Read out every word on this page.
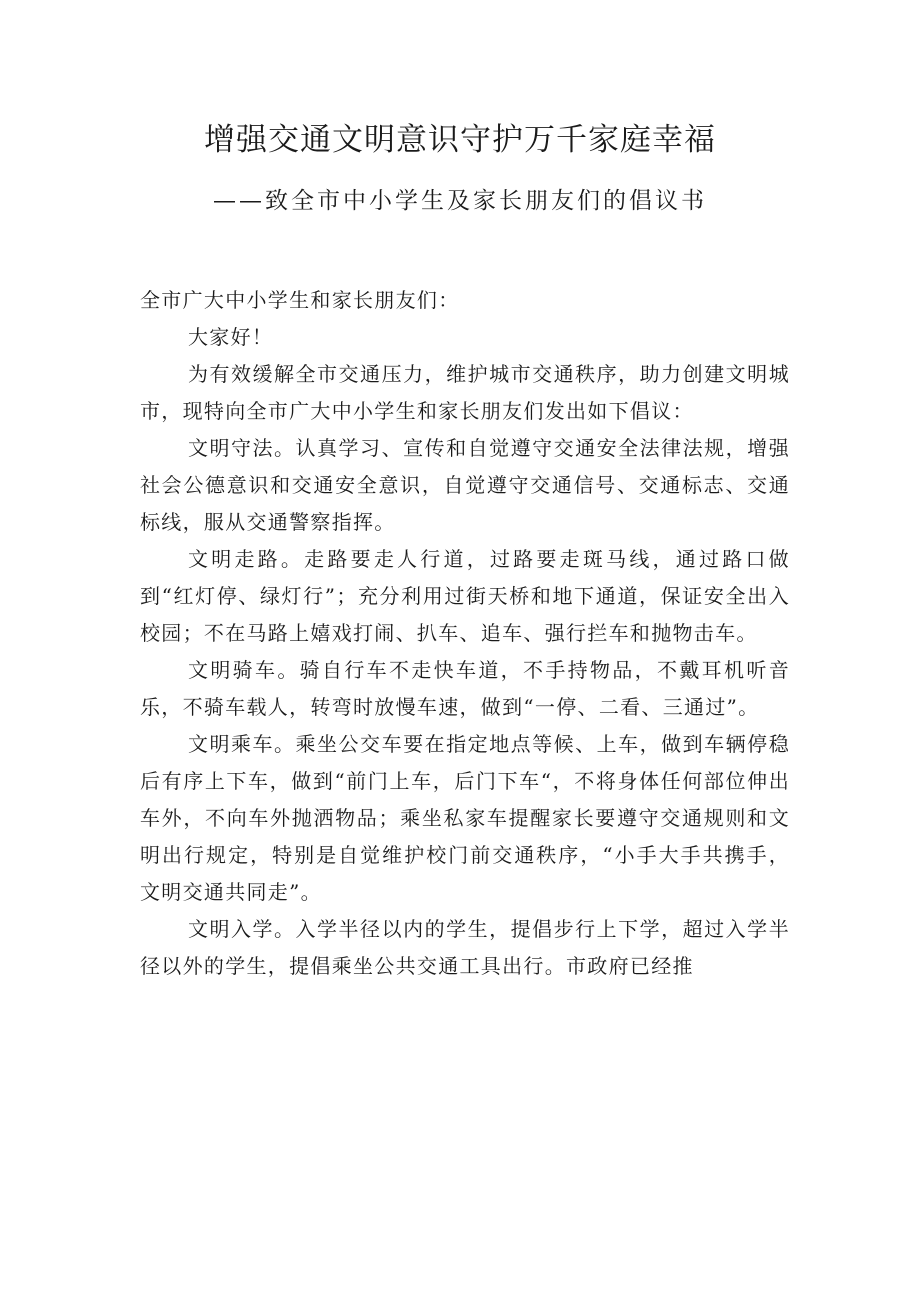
增强交通文明意识守护万千家庭幸福
——致全市中小学生及家长朋友们的倡议书

全市广大中小学生和家长朋友们：

大家好！

为有效缓解全市交通压力，维护城市交通秩序，助力创建文明城市，现特向全市广大中小学生和家长朋友们发出如下倡议：

文明守法。认真学习、宣传和自觉遵守交通安全法律法规，增强社会公德意识和交通安全意识，自觉遵守交通信号、交通标志、交通标线，服从交通警察指挥。

文明走路。走路要走人行道，过路要走斑马线，通过路口做到“红灯停、绿灯行”；充分利用过街天桥和地下通道，保证安全出入校园；不在马路上嬉戏打闹、扒车、追车、强行拦车和抛物击车。

文明骑车。骑自行车不走快车道，不手持物品，不戴耳机听音乐，不骑车载人，转弯时放慢车速，做到“一停、二看、三通过”。

文明乘车。乘坐公交车要在指定地点等候、上车，做到车辆停稳后有序上下车，做到“前门上车，后门下车“，不将身体任何部位伸出车外，不向车外抛洒物品；乘坐私家车提醒家长要遵守交通规则和文明出行规定，特别是自觉维护校门前交通秩序，“小手大手共携手，文明交通共同走”。

文明入学。入学半径以内的学生，提倡步行上下学，超过入学半径以外的学生，提倡乘坐公共交通工具出行。市政府已经推
